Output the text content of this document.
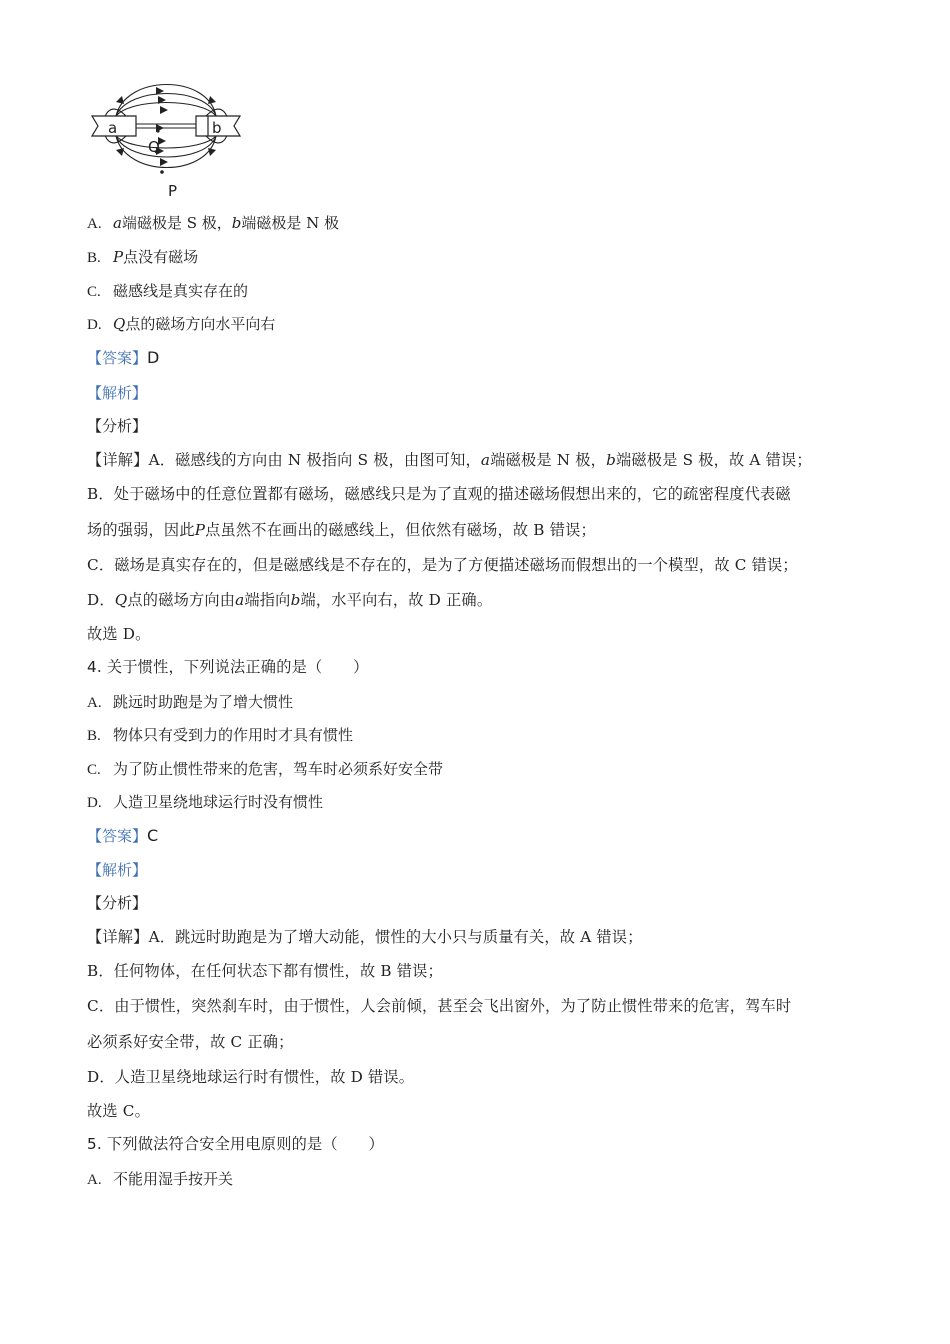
a	b
Q
P
A. a端磁极是 S 极，b端磁极是 N 极
B. P点没有磁场
C. 磁感线是真实存在的
D. Q点的磁场方向水平向右
【答案】D
【解析】
【分析】
【详解】A．磁感线的方向由 N 极指向 S 极，由图可知，a端磁极是 N 极，b端磁极是 S 极，故 A 错误；
B．处于磁场中的任意位置都有磁场，磁感线只是为了直观的描述磁场假想出来的，它的疏密程度代表磁
场的强弱，因此P点虽然不在画出的磁感线上，但依然有磁场，故 B 错误；
C．磁场是真实存在的，但是磁感线是不存在的，是为了方便描述磁场而假想出的一个模型，故 C 错误；
D．Q点的磁场方向由a端指向b端，水平向右，故 D 正确。
故选 D。
4. 关于惯性，下列说法正确的是（　　）
A. 跳远时助跑是为了增大惯性
B. 物体只有受到力的作用时才具有惯性
C. 为了防止惯性带来的危害，驾车时必须系好安全带
D. 人造卫星绕地球运行时没有惯性
【答案】C
【解析】
【分析】
【详解】A．跳远时助跑是为了增大动能，惯性的大小只与质量有关，故 A 错误；
B．任何物体，在任何状态下都有惯性，故 B 错误；
C．由于惯性，突然刹车时，由于惯性，人会前倾，甚至会飞出窗外，为了防止惯性带来的危害，驾车时
必须系好安全带，故 C 正确；
D．人造卫星绕地球运行时有惯性，故 D 错误。
故选 C。
5. 下列做法符合安全用电原则的是（　　）
A. 不能用湿手按开关
